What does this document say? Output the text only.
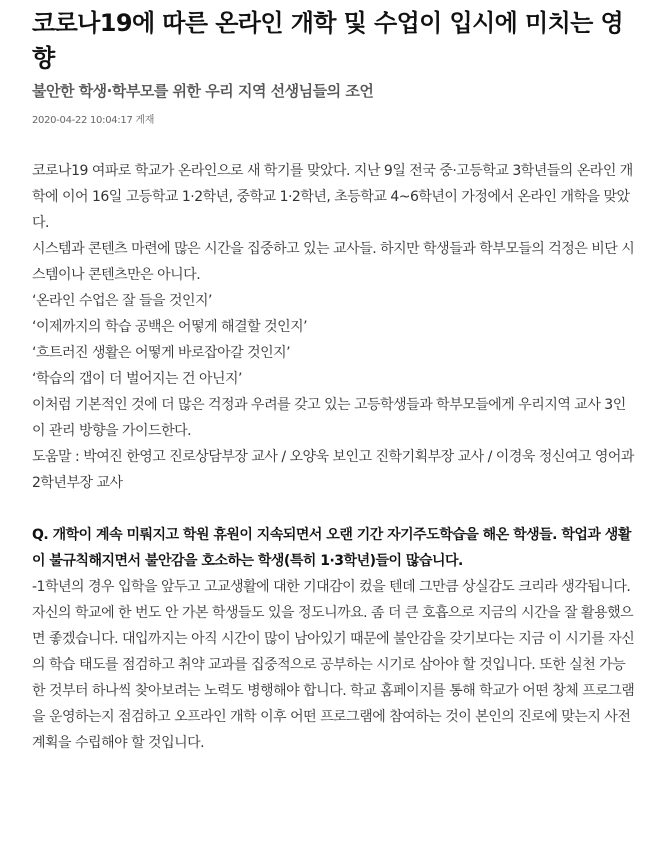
코로나19에 따른 온라인 개학 및 수업이 입시에 미치는 영향
불안한 학생·학부모를 위한 우리 지역 선생님들의 조언
2020-04-22 10:04:17 게재

코로나19 여파로 학교가 온라인으로 새 학기를 맞았다. 지난 9일 전국 중·고등학교 3학년들의 온라인 개학에 이어 16일 고등학교 1·2학년, 중학교 1·2학년, 초등학교 4~6학년이 가정에서 온라인 개학을 맞았다.

시스템과 콘텐츠 마련에 많은 시간을 집중하고 있는 교사들. 하지만 학생들과 학부모들의 걱정은 비단 시스템이나 콘텐츠만은 아니다.

‘온라인 수업은 잘 들을 것인지’

‘이제까지의 학습 공백은 어떻게 해결할 것인지’

‘흐트러진 생활은 어떻게 바로잡아갈 것인지’

‘학습의 갭이 더 벌어지는 건 아닌지’

이처럼 기본적인 것에 더 많은 걱정과 우려를 갖고 있는 고등학생들과 학부모들에게 우리지역 교사 3인이 관리 방향을 가이드한다.

도움말 : 박여진 한영고 진로상담부장 교사 / 오양욱 보인고 진학기획부장 교사 / 이경욱 정신여고 영어과 2학년부장 교사

Q. 개학이 계속 미뤄지고 학원 휴원이 지속되면서 오랜 기간 자기주도학습을 해온 학생들. 학업과 생활이 불규칙해지면서 불안감을 호소하는 학생(특히 1·3학년)들이 많습니다.

-1학년의 경우 입학을 앞두고 고교생활에 대한 기대감이 컸을 텐데 그만큼 상실감도 크리라 생각됩니다. 자신의 학교에 한 번도 안 가본 학생들도 있을 정도니까요. 좀 더 큰 호흡으로 지금의 시간을 잘 활용했으면 좋겠습니다. 대입까지는 아직 시간이 많이 남아있기 때문에 불안감을 갖기보다는 지금 이 시기를 자신의 학습 태도를 점검하고 취약 교과를 집중적으로 공부하는 시기로 삼아야 할 것입니다. 또한 실천 가능한 것부터 하나씩 찾아보려는 노력도 병행해야 합니다. 학교 홈페이지를 통해 학교가 어떤 창체 프로그램을 운영하는지 점검하고 오프라인 개학 이후 어떤 프로그램에 참여하는 것이 본인의 진로에 맞는지 사전 계획을 수립해야 할 것입니다.
